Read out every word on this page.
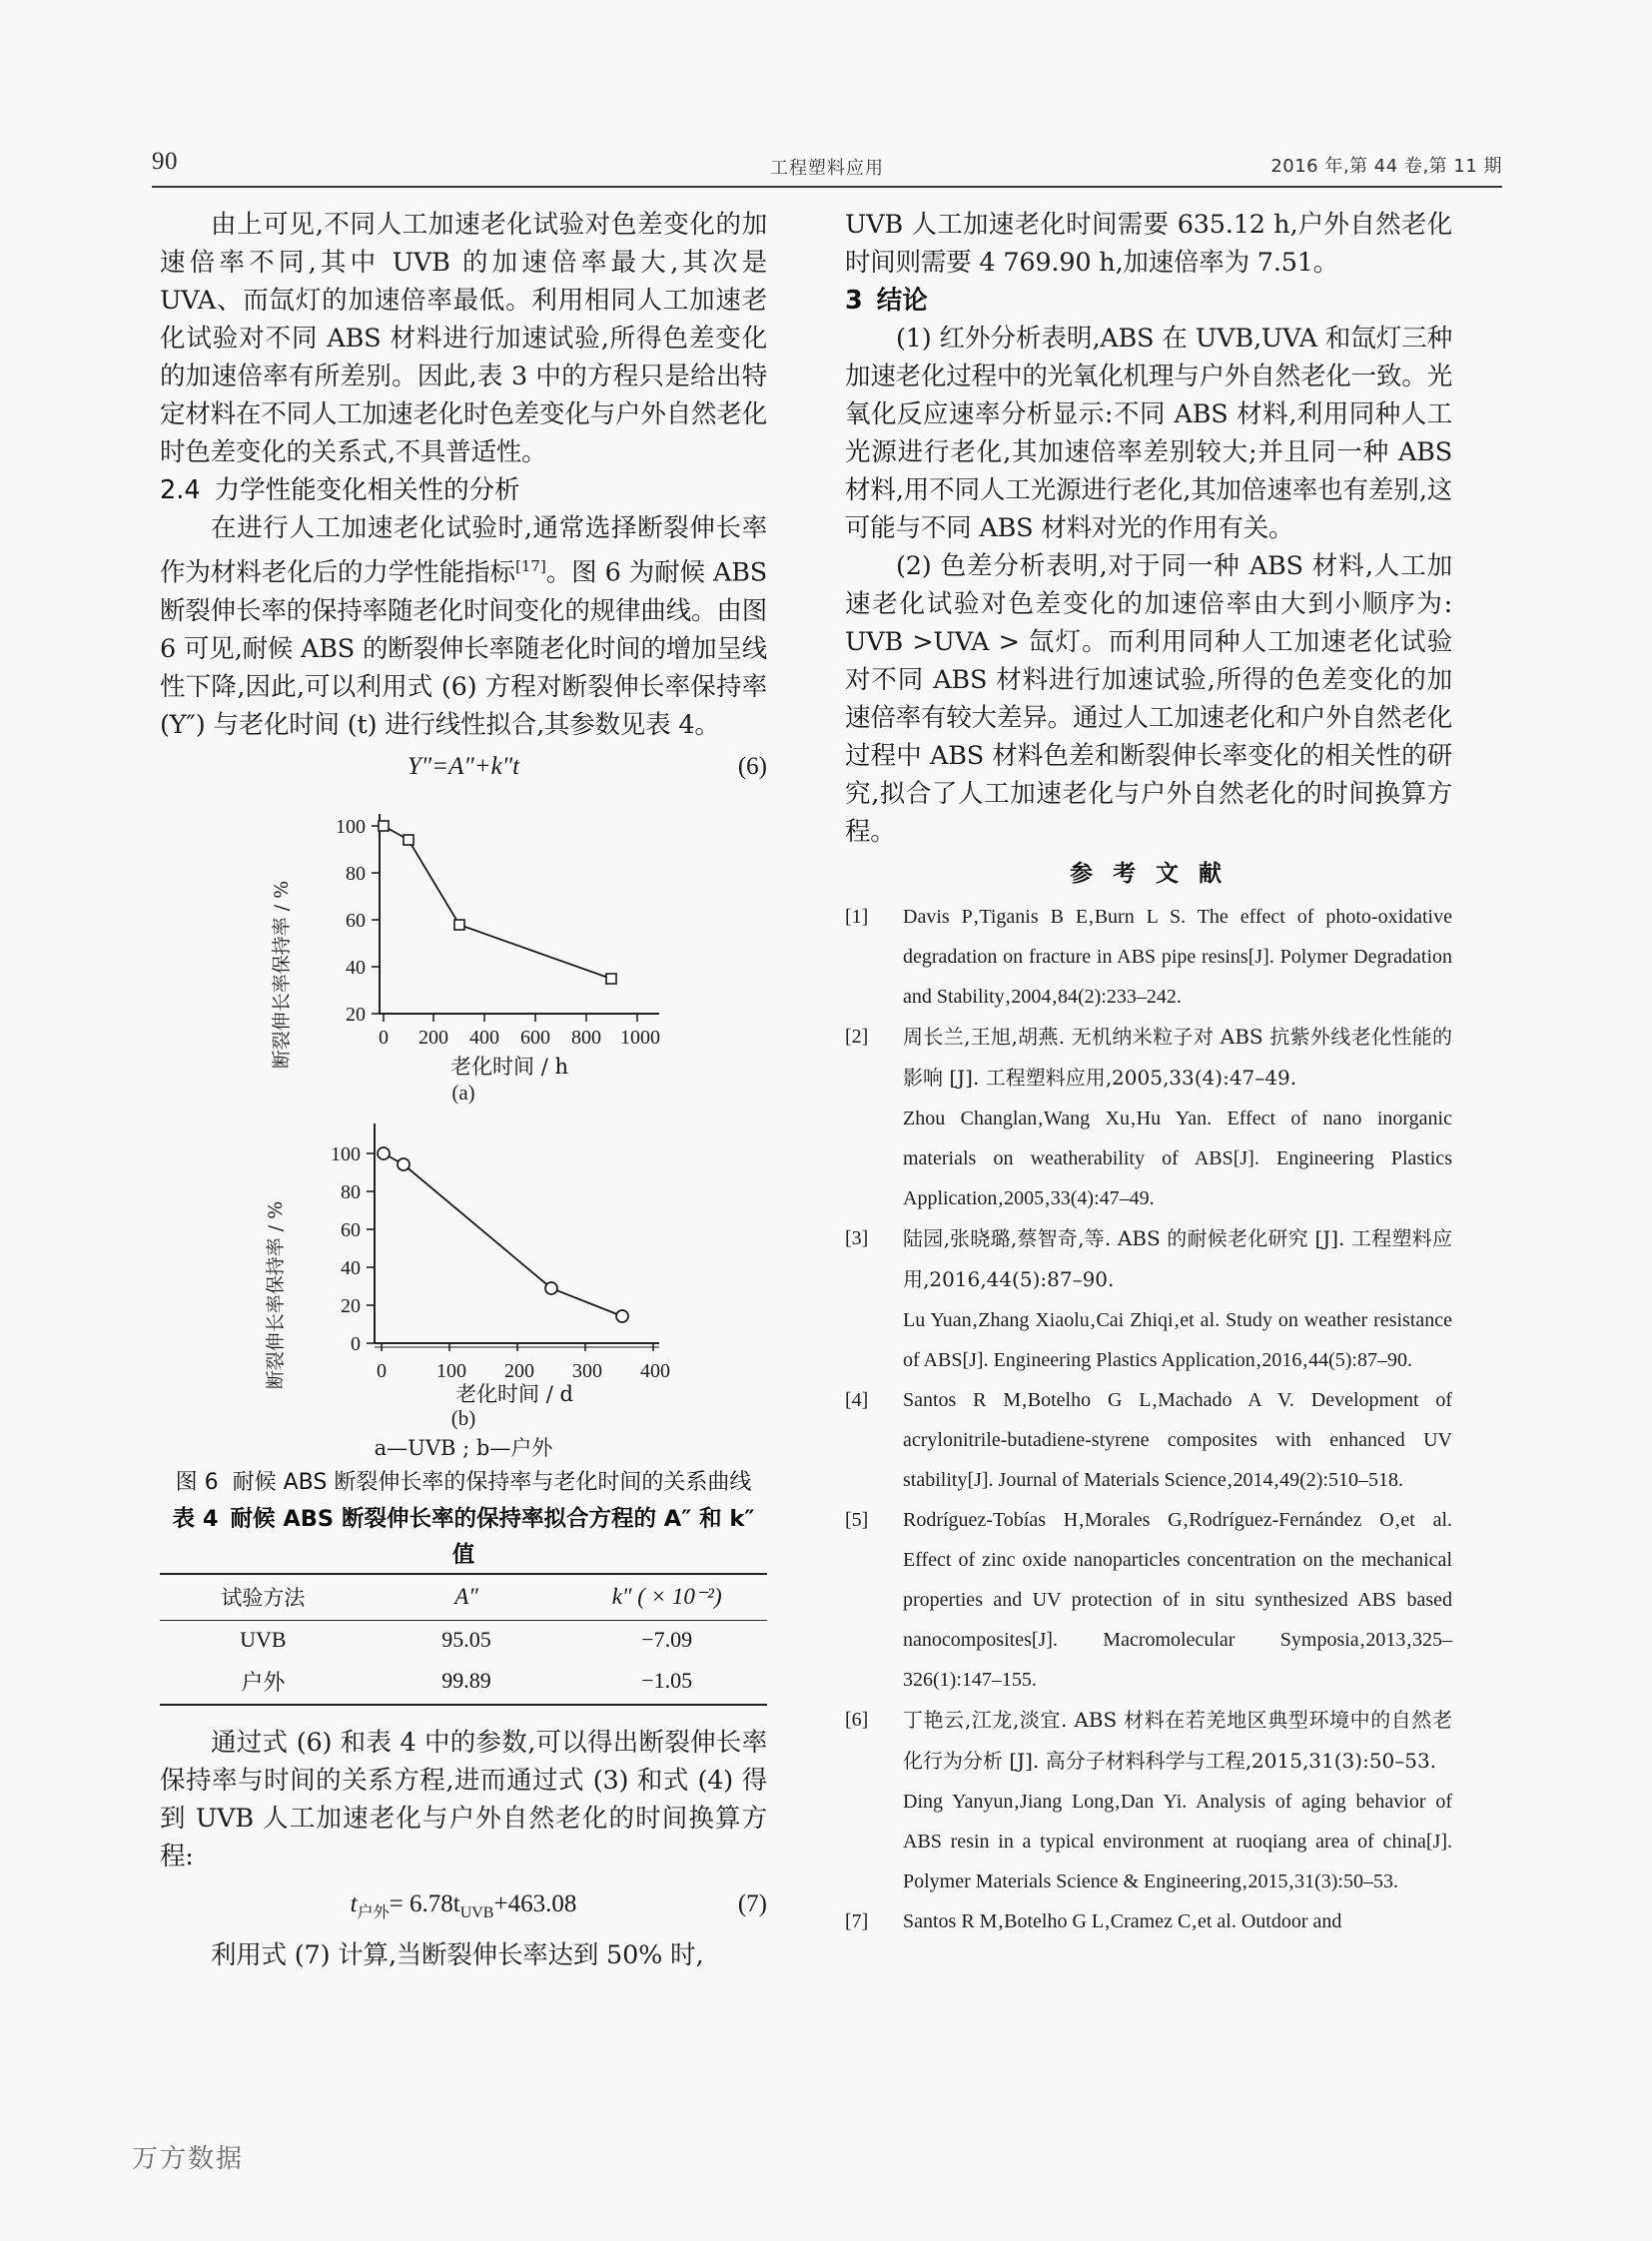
90	工程塑料应用	2016 年‚第 44 卷‚第 11 期

由上可见‚不同人工加速老化试验对色差变化的加速倍率不同‚其中 UVB 的加速倍率最大‚其次是 UVA、而氙灯的加速倍率最低。利用相同人工加速老化试验对不同 ABS 材料进行加速试验‚所得色差变化的加速倍率有所差别。因此‚表 3 中的方程只是给出特定材料在不同人工加速老化时色差变化与户外自然老化时色差变化的关系式‚不具普适性。

2.4 力学性能变化相关性的分析

在进行人工加速老化试验时‚通常选择断裂伸长率作为材料老化后的力学性能指标[17]。图 6 为耐候 ABS 断裂伸长率的保持率随老化时间变化的规律曲线。由图 6 可见‚耐候 ABS 的断裂伸长率随老化时间的增加呈线性下降‚因此‚可以利用式 (6) 方程对断裂伸长率保持率 (Y″) 与老化时间 (t) 进行线性拟合‚其参数见表 4。

Y″=A″+k″t	(6)
断裂伸长率保持率 / %
100
80
60
40
20
0 200 400 600 800 1000
老化时间 / h
(a)
断裂伸长率保持率 / %
100
80
60
40
20
0
0	100 200 300 400
老化时间 / d
(b)
a—UVB ; b—户外
图 6 耐候 ABS 断裂伸长率的保持率与老化时间的关系曲线
表 4 耐候 ABS 断裂伸长率的保持率拟合方程的 A″ 和 k″ 值
试验方法	A″	k″ ( × 10⁻²)
UVB	95.05	−7.09
户外	99.89	−1.05

通过式 (6) 和表 4 中的参数‚可以得出断裂伸长率保持率与时间的关系方程‚进而通过式 (3) 和式 (4) 得到 UVB 人工加速老化与户外自然老化的时间换算方程:

$t_{户外}= 6.78t_{UVB}+463.08$	(7)

利用式 (7) 计算‚当断裂伸长率达到 50% 时‚

UVB 人工加速老化时间需要 635.12 h‚户外自然老化时间则需要 4 769.90 h‚加速倍率为 7.51。

3 结论

(1) 红外分析表明‚ABS 在 UVB‚UVA 和氙灯三种加速老化过程中的光氧化机理与户外自然老化一致。光氧化反应速率分析显示:不同 ABS 材料‚利用同种人工光源进行老化‚其加速倍率差别较大;并且同一种 ABS 材料‚用不同人工光源进行老化‚其加倍速率也有差别‚这可能与不同 ABS 材料对光的作用有关。

(2) 色差分析表明‚对于同一种 ABS 材料‚人工加速老化试验对色差变化的加速倍率由大到小顺序为: UVB >UVA > 氙灯。而利用同种人工加速老化试验对不同 ABS 材料进行加速试验‚所得的色差变化的加速倍率有较大差异。通过人工加速老化和户外自然老化过程中 ABS 材料色差和断裂伸长率变化的相关性的研究‚拟合了人工加速老化与户外自然老化的时间换算方程。

参 考 文 献
[1]	Davis P‚Tiganis B E‚Burn L S. The effect of photo-oxidative degradation on fracture in ABS pipe resins[J]. Polymer Degradation and Stability‚2004‚84(2):233–242.
[2]	周长兰‚王旭‚胡燕. 无机纳米粒子对 ABS 抗紫外线老化性能的影响 [J]. 工程塑料应用‚2005‚33(4):47–49.
Zhou Changlan‚Wang Xu‚Hu Yan. Effect of nano inorganic materials on weatherability of ABS[J]. Engineering Plastics Application‚2005‚33(4):47–49.
[3]	陆园‚张晓璐‚蔡智奇‚等. ABS 的耐候老化研究 [J]. 工程塑料应用‚2016‚44(5):87–90.
Lu Yuan‚Zhang Xiaolu‚Cai Zhiqi‚et al. Study on weather resistance of ABS[J]. Engineering Plastics Application‚2016‚44(5):87–90.
[4]	Santos R M‚Botelho G L‚Machado A V. Development of acrylonitrile-butadiene-styrene composites with enhanced UV stability[J]. Journal of Materials Science‚2014‚49(2):510–518.
[5]	Rodríguez-Tobías H‚Morales G‚Rodríguez-Fernández O‚et al. Effect of zinc oxide nanoparticles concentration on the mechanical properties and UV protection of in situ synthesized ABS based nanocomposites[J]. Macromolecular Symposia‚2013‚325–326(1):147–155.
[6]	丁艳云‚江龙‚淡宜. ABS 材料在若羌地区典型环境中的自然老化行为分析 [J]. 高分子材料科学与工程‚2015‚31(3):50–53.
Ding Yanyun‚Jiang Long‚Dan Yi. Analysis of aging behavior of ABS resin in a typical environment at ruoqiang area of china[J]. Polymer Materials Science & Engineering‚2015‚31(3):50–53.
[7]	Santos R M‚Botelho G L‚Cramez C‚et al. Outdoor and
万方数据
